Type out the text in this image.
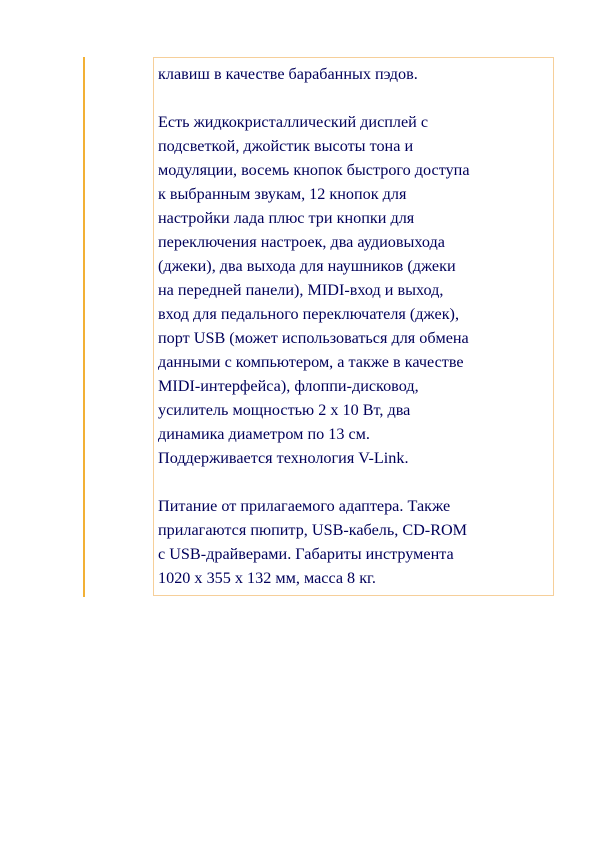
клавиш в качестве барабанных пэдов.

Есть жидкокристаллический дисплей с
подсветкой, джойстик высоты тона и
модуляции, восемь кнопок быстрого доступа
к выбранным звукам, 12 кнопок для
настройки лада плюс три кнопки для
переключения настроек, два аудиовыхода
(джеки), два выхода для наушников (джеки
на передней панели), MIDI-вход и выход,
вход для педального переключателя (джек),
порт USB (может использоваться для обмена
данными с компьютером, а также в качестве
MIDI-интерфейса), флоппи-дисковод,
усилитель мощностью 2 х 10 Вт, два
динамика диаметром по 13 см.
Поддерживается технология V-Link.

Питание от прилагаемого адаптера. Также
прилагаются пюпитр, USB-кабель, CD-ROM
с USB-драйверами. Габариты инструмента
1020 х 355 х 132 мм, масса 8 кг.
